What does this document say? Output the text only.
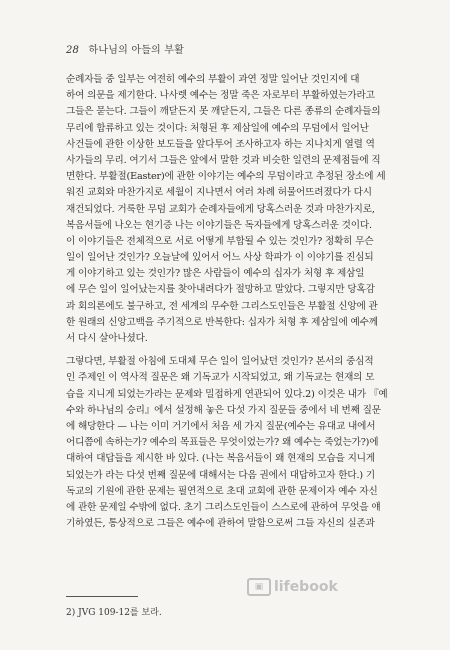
28 하나님의 아들의 부활
순례자들 중 일부는 여전히 예수의 부활이 과연 정말 일어난 것인지에 대
하여 의문을 제기한다. 나사렛 예수는 정말 죽은 자로부터 부활하였는가라고
그들은 묻는다. 그들이 깨닫든지 못 깨닫든지, 그들은 다른 종류의 순례자들의
무리에 합류하고 있는 것이다: 처형된 후 제삼일에 예수의 무덤에서 일어난
사건들에 관한 이상한 보도들을 앞다투어 조사하고자 하는 지나치게 열렬 역
사가들의 무리. 여기서 그들은 앞에서 말한 것과 비슷한 일련의 문제점들에 직
면한다. 부활절(Easter)에 관한 이야기는 예수의 무덤이라고 추정된 장소에 세
워진 교회와 마찬가지로 세월이 지나면서 여러 차례 허물어뜨려졌다가 다시
재건되었다. 거룩한 무덤 교회가 순례자들에게 당혹스러운 것과 마찬가지로,
복음서들에 나오는 현기증 나는 이야기들은 독자들에게 당혹스러운 것이다.
이 이야기들은 전체적으로 서로 어떻게 부합될 수 있는 것인가? 정확히 무슨
일이 일어난 것인가? 오늘날에 있어서 어느 사상 학파가 이 이야기를 진심되
게 이야기하고 있는 것인가? 많은 사람들이 예수의 십자가 처형 후 제삼일
에 무슨 일이 일어났는지를 찾아내려다가 절망하고 말았다. 그렇지만 당혹감
과 회의론에도 불구하고, 전 세계의 무수한 그리스도인들은 부활절 신앙에 관
한 원래의 신앙고백을 주기적으로 반복한다: 십자가 처형 후 제삼일에 예수께
서 다시 살아나셨다.
그렇다면, 부활절 아침에 도대체 무슨 일이 일어났던 것인가? 본서의 중심적
인 주제인 이 역사적 질문은 왜 기독교가 시작되었고, 왜 기독교는 현재의 모
습을 지니게 되었는가라는 문제와 밀접하게 연관되어 있다.2) 이것은 내가 『예
수와 하나님의 승리』에서 설정해 놓은 다섯 가지 질문들 중에서 네 번째 질문
에 해당한다 — 나는 이미 거기에서 처음 세 가지 질문(예수는 유대교 내에서
어디쯤에 속하는가? 예수의 목표들은 무엇이었는가? 왜 예수는 죽었는가?)에
대하여 대답들을 제시한 바 있다. (나는 복음서들이 왜 현재의 모습을 지니게
되었는가 라는 다섯 번째 질문에 대해서는 다음 권에서 대답하고자 한다.) 기
독교의 기원에 관한 문제는 필연적으로 초대 교회에 관한 문제이자 예수 자신
에 관한 문제일 수밖에 없다. 초기 그리스도인들이 스스로에 관하여 무엇을 얘
기하였든, 통상적으로 그들은 예수에 관하여 말함으로써 그들 자신의 실존과
▣ lifebook
2) JVG 109-12를 보라.
